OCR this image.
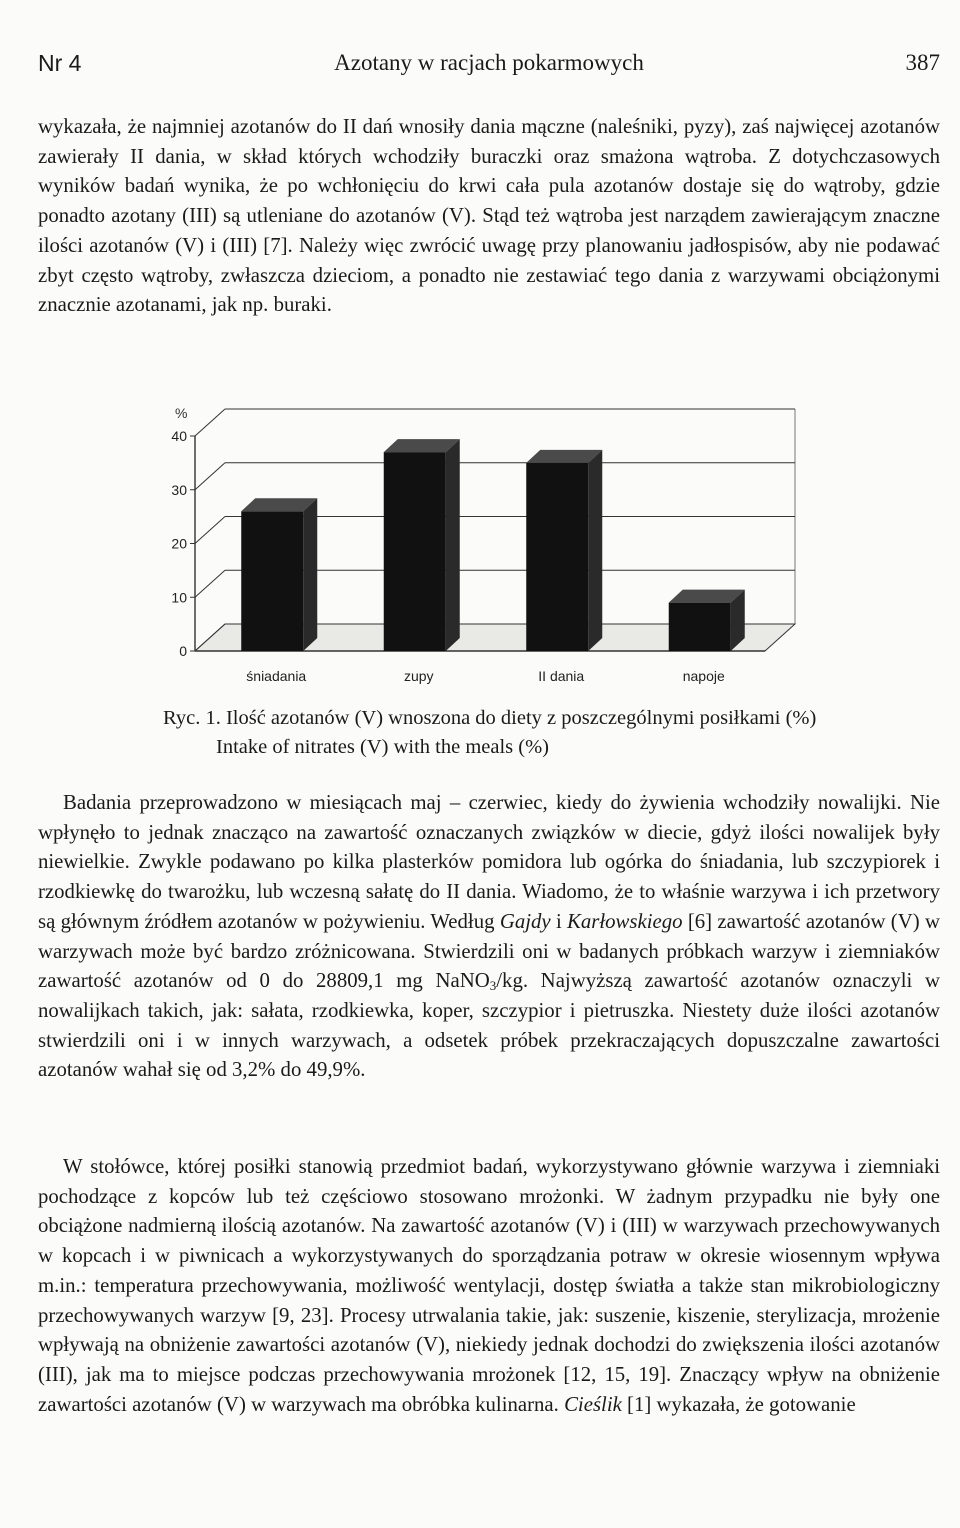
Azotany w racjach pokarmowych
Nr 4	387

wykazała, że najmniej azotanów do II dań wnosiły dania mączne (naleśniki, pyzy), zaś najwięcej azotanów zawierały II dania, w skład których wchodziły buraczki oraz smażona wątroba. Z dotychczasowych wyników badań wynika, że po wchłonięciu do krwi cała pula azotanów dostaje się do wątroby, gdzie ponadto azotany (III) są utleniane do azotanów (V). Stąd też wątroba jest narządem zawierającym znaczne ilości azotanów (V) i (III) [7]. Należy więc zwrócić uwagę przy planowaniu jadłospisów, aby nie podawać zbyt często wątroby, zwłaszcza dzieciom, a ponadto nie zestawiać tego dania z warzywami obciążonymi znacznie azotanami, jak np. buraki.

0
10
20
30
40
%
śniadania	zupy	II dania	napoje
Ryc. 1. Ilość azotanów (V) wnoszona do diety z poszczególnymi posiłkami (%)
Intake of nitrates (V) with the meals (%)

Badania przeprowadzono w miesiącach maj – czerwiec, kiedy do żywienia wchodziły nowalijki. Nie wpłynęło to jednak znacząco na zawartość oznaczanych związków w diecie, gdyż ilości nowalijek były niewielkie. Zwykle podawano po kilka plasterków pomidora lub ogórka do śniadania, lub szczypiorek i rzodkiewkę do twarożku, lub wczesną sałatę do II dania. Wiadomo, że to właśnie warzywa i ich przetwory są głównym źródłem azotanów w pożywieniu. Według Gajdy i Karłowskiego [6] zawartość azotanów (V) w warzywach może być bardzo zróżnicowana. Stwierdzili oni w badanych próbkach warzyw i ziemniaków zawartość azotanów od 0 do 28809,1 mg NaNO$_3$/kg. Najwyższą zawartość azotanów oznaczyli w nowalijkach takich, jak: sałata, rzodkiewka, koper, szczypior i pietruszka. Niestety duże ilości azotanów stwierdzili oni i w innych warzywach, a odsetek próbek przekraczających dopuszczalne zawartości azotanów wahał się od 3,2% do 49,9%.

W stołówce, której posiłki stanowią przedmiot badań, wykorzystywano głównie warzywa i ziemniaki pochodzące z kopców lub też częściowo stosowano mrożonki. W żadnym przypadku nie były one obciążone nadmierną ilością azotanów. Na zawartość azotanów (V) i (III) w warzywach przechowywanych w kopcach i w piwnicach a wykorzystywanych do sporządzania potraw w okresie wiosennym wpływa m.in.: temperatura przechowywania, możliwość wentylacji, dostęp światła a także stan mikrobiologiczny przechowywanych warzyw [9, 23]. Procesy utrwalania takie, jak: suszenie, kiszenie, sterylizacja, mrożenie wpływają na obniżenie zawartości azotanów (V), niekiedy jednak dochodzi do zwiększenia ilości azotanów (III), jak ma to miejsce podczas przechowywania mrożonek [12, 15, 19]. Znaczący wpływ na obniżenie zawartości azotanów (V) w warzywach ma obróbka kulinarna. Cieślik [1] wykazała, że gotowanie
